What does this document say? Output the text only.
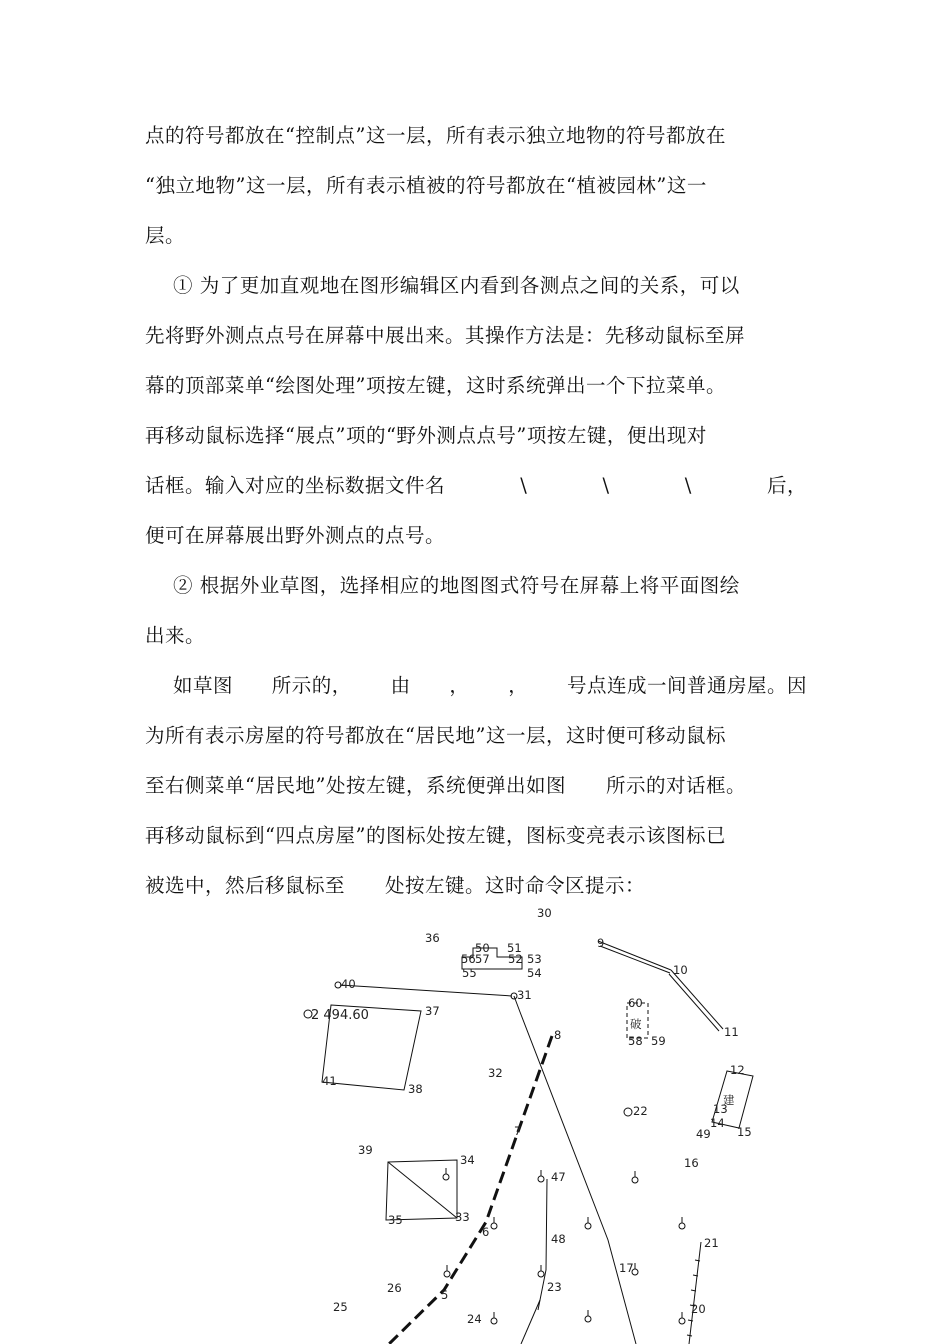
点的符号都放在“控制点”这一层，所有表示独立地物的符号都放在
“独立地物”这一层，所有表示植被的符号都放在“植被园林”这一
层。
① 为了更加直观地在图形编辑区内看到各测点之间的关系，可以
先将野外测点点号在屏幕中展出来。其操作方法是：先移动鼠标至屏
幕的顶部菜单“绘图处理”项按左键，这时系统弹出一个下拉菜单。
再移动鼠标选择“展点”项的“野外测点点号”项按左键，便出现对
话框。输入对应的坐标数据文件名	\	\	\	后，
便可在屏幕展出野外测点的点号。
② 根据外业草图，选择相应的地图图式符号在屏幕上将平面图绘
出来。
如草图 所示的， 由 ， ， 号点连成一间普通房屋。因
为所有表示房屋的符号都放在“居民地”这一层，这时便可移动鼠标
至右侧菜单“居民地”处按左键，系统便弹出如图　　所示的对话框。
再移动鼠标到“四点房屋”的图标处按左键，图标变亮表示该图标已
被选中，然后移鼠标至　　处按左键。这时命令区提示：
30
36
50 51
56 57 52 53
55	54
9
10
11
40
31
2 494.60	37
8
60
破
58 59
41
38
32	12
建
13
14
15
22
49
7
39
34	16
47
35	33
6	48	21
17
23
26	5
25
24
20
